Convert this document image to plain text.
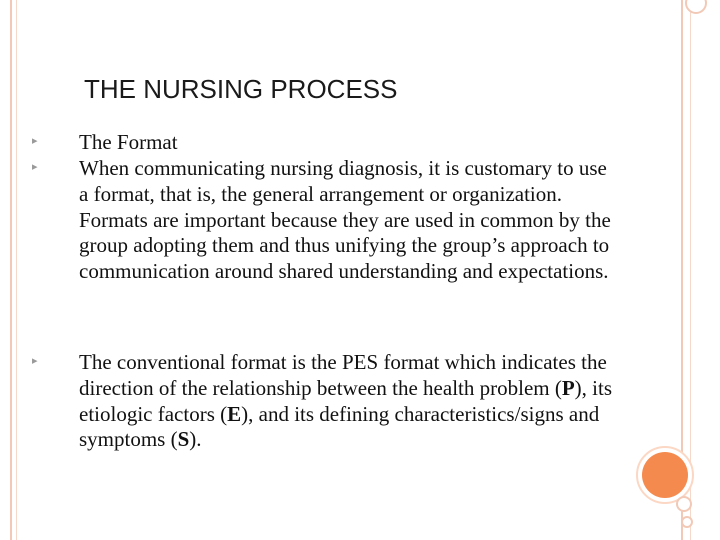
THE NURSING PROCESS
▸ The Format
▸ When communicating nursing diagnosis, it is customary to use a format, that is, the general arrangement or organization. Formats are important because they are used in common by the group adopting them and thus unifying the group’s approach to communication around shared understanding and expectations.
▸ The conventional format is the PES format which indicates the direction of the relationship between the health problem (P), its etiologic factors (E), and its defining characteristics/signs and symptoms (S).
